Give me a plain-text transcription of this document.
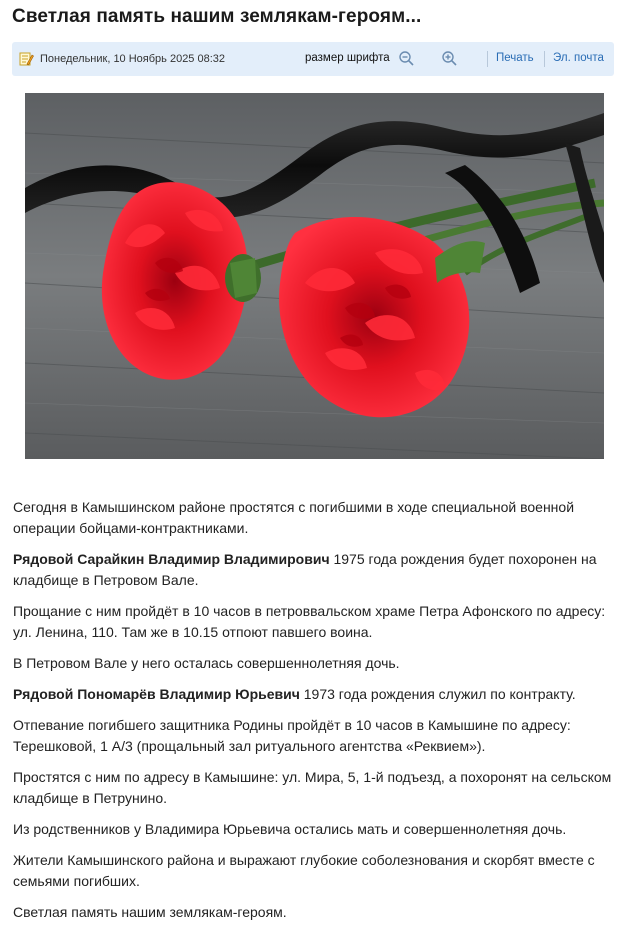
Светлая память нашим землякам-героям...
Понедельник, 10 Ноябрь 2025 08:32	размер шрифта	Печать Эл. почта

Сегодня в Камышинском районе простятся с погибшими в ходе специальной военной операции бойцами-контрактниками.

Рядовой Сарайкин Владимир Владимирович 1975 года рождения будет похоронен на кладбище в Петровом Вале.

Прощание с ним пройдёт в 10 часов в петроввальском храме Петра Афонского по адресу: ул. Ленина, 110. Там же в 10.15 отпоют павшего воина.

В Петровом Вале у него осталась совершеннолетняя дочь.

Рядовой Пономарёв Владимир Юрьевич 1973 года рождения служил по контракту.

Отпевание погибшего защитника Родины пройдёт в 10 часов в Камышине по адресу: Терешковой, 1 А/3 (прощальный зал ритуального агентства «Реквием»).

Простятся с ним по адресу в Камышине: ул. Мира, 5, 1-й подъезд, а похоронят на сельском кладбище в Петрунино.

Из родственников у Владимира Юрьевича остались мать и совершеннолетняя дочь.

Жители Камышинского района и выражают глубокие соболезнования и скорбят вместе с семьями погибших.

Светлая память нашим землякам-героям.
